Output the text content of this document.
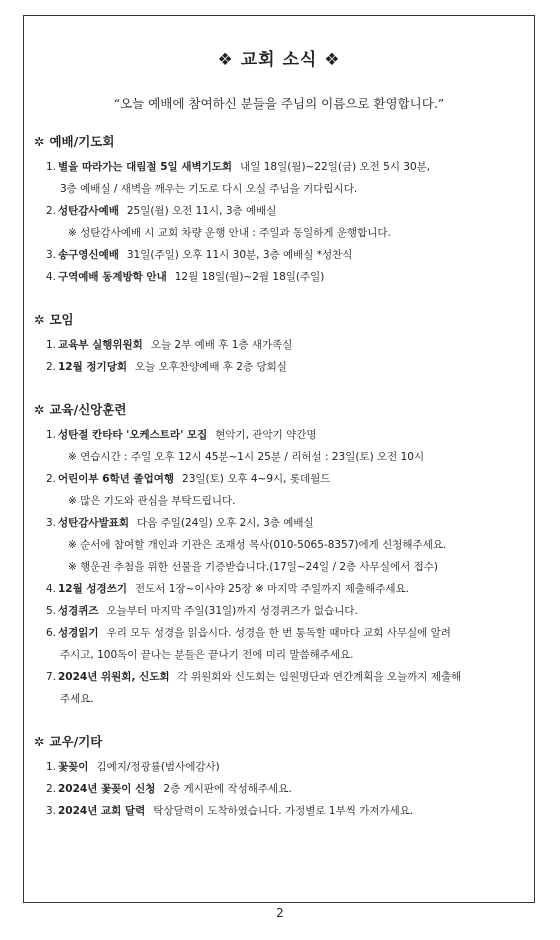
❖ 교회 소식 ❖
“오늘 예배에 참여하신 분들을 주님의 이름으로 환영합니다.”
✲ 예배/기도회
1. 별을 따라가는 대림절 5일 새벽기도회 내일 18일(월)~22일(금) 오전 5시 30분,
3층 예배실 / 새벽을 깨우는 기도로 다시 오실 주님을 기다립시다.
2. 성탄감사예배 25일(월) 오전 11시, 3층 예배실
※ 성탄감사예배 시 교회 차량 운행 안내 : 주일과 동일하게 운행합니다.
3. 송구영신예배 31일(주일) 오후 11시 30분, 3층 예배실 *성찬식
4. 구역예배 동계방학 안내 12월 18일(월)~2월 18일(주일)
✲ 모임
1. 교육부 실행위원회 오늘 2부 예배 후 1층 새가족실
2. 12월 정기당회 오늘 오후찬양예배 후 2층 당회실
✲ 교육/신앙훈련
1. 성탄절 칸타타 '오케스트라' 모집 현악기, 관악기 약간명
※ 연습시간 : 주일 오후 12시 45분~1시 25분 / 리허설 : 23일(토) 오전 10시
2. 어린이부 6학년 졸업여행 23일(토) 오후 4~9시, 롯데월드
※ 많은 기도와 관심을 부탁드립니다.
3. 성탄감사발표회 다음 주일(24일) 오후 2시, 3층 예배실
※ 순서에 참여할 개인과 기관은 조재성 목사(010-5065-8357)에게 신청해주세요.
※ 행운권 추첨을 위한 선물을 기증받습니다.(17일~24일 / 2층 사무실에서 접수)
4. 12월 성경쓰기 전도서 1장~이사야 25장 ※ 마지막 주일까지 제출해주세요.
5. 성경퀴즈 오늘부터 마지막 주일(31일)까지 성경퀴즈가 없습니다.
6. 성경읽기 우리 모두 성경을 읽읍시다. 성경을 한 번 통독할 때마다 교회 사무실에 알려
주시고, 100독이 끝나는 분들은 끝나기 전에 미리 말씀해주세요.
7. 2024년 위원회, 신도회 각 위원회와 신도회는 임원명단과 연간계획을 오늘까지 제출해
주세요.
✲ 교우/기타
1. 꽃꽂이 김예지/정광률(범사에감사)
2. 2024년 꽃꽂이 신청 2층 게시판에 작성해주세요.
3. 2024년 교회 달력 탁상달력이 도착하였습니다. 가정별로 1부씩 가져가세요.
2
